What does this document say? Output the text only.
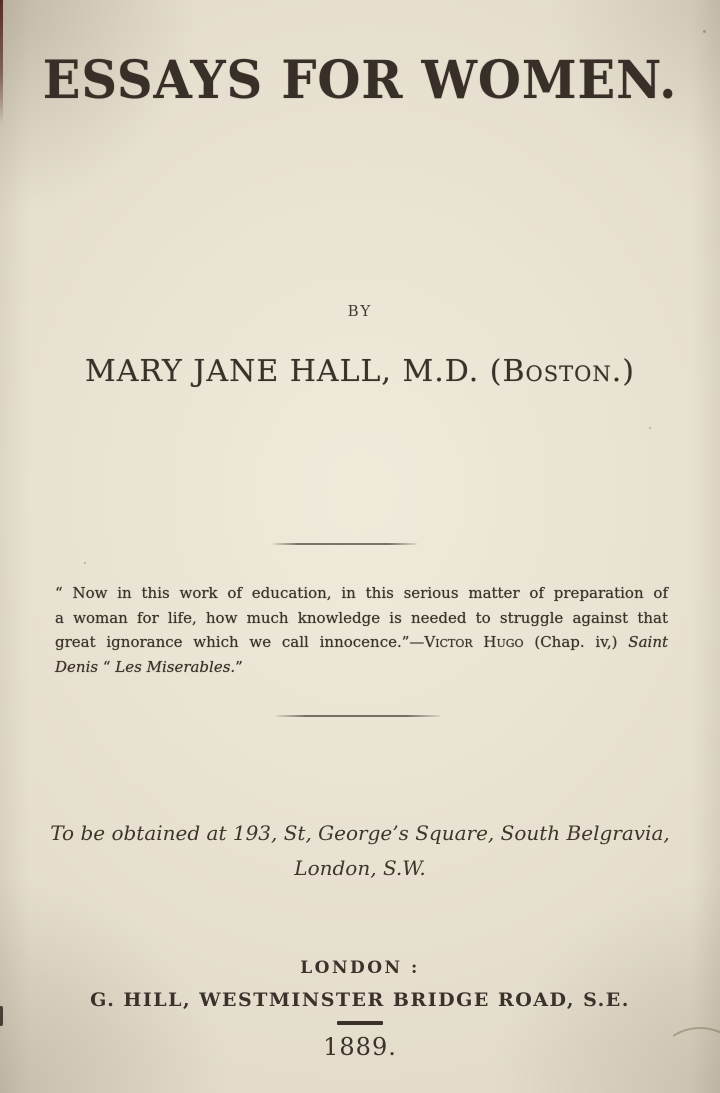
ESSAYS FOR WOMEN.
BY
MARY JANE HALL, M.D. (Boston.)
“ Now in this work of education, in this serious matter of preparation of
a woman for life, how much knowledge is needed to struggle against that
great ignorance which we call innocence.”—Victor Hugo (Chap. iv,) Saint
Denis “ Les Miserables.”
To be obtained at 193, St, George’s Square, South Belgravia,
London, S.W.
LONDON :
G. HILL, WESTMINSTER BRIDGE ROAD, S.E.
1889.
